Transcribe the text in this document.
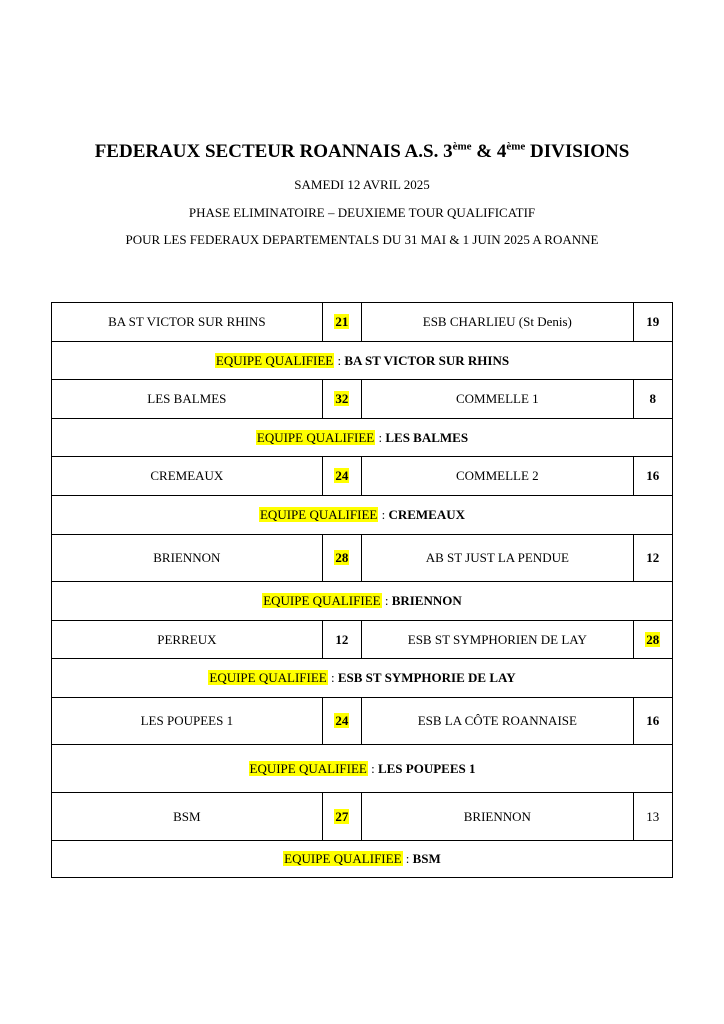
FEDERAUX SECTEUR ROANNAIS A.S. 3ème & 4ème DIVISIONS
SAMEDI 12 AVRIL 2025
PHASE ELIMINATOIRE – DEUXIEME TOUR QUALIFICATIF
POUR LES FEDERAUX DEPARTEMENTALS DU 31 MAI & 1 JUIN 2025 A ROANNE
BA ST VICTOR SUR RHINS	21	ESB CHARLIEU (St Denis)	19
EQUIPE QUALIFIEE : BA ST VICTOR SUR RHINS			
LES BALMES	32	COMMELLE 1	8
EQUIPE QUALIFIEE : LES BALMES			
CREMEAUX	24	COMMELLE 2	16
EQUIPE QUALIFIEE : CREMEAUX			
BRIENNON	28	AB ST JUST LA PENDUE	12
EQUIPE QUALIFIEE : BRIENNON			
PERREUX	12	ESB ST SYMPHORIEN DE LAY	28
EQUIPE QUALIFIEE : ESB ST SYMPHORIE DE LAY			
LES POUPEES 1	24	ESB LA CÔTE ROANNAISE	16
EQUIPE QUALIFIEE : LES POUPEES 1			
BSM	27	BRIENNON	13
EQUIPE QUALIFIEE : BSM			
